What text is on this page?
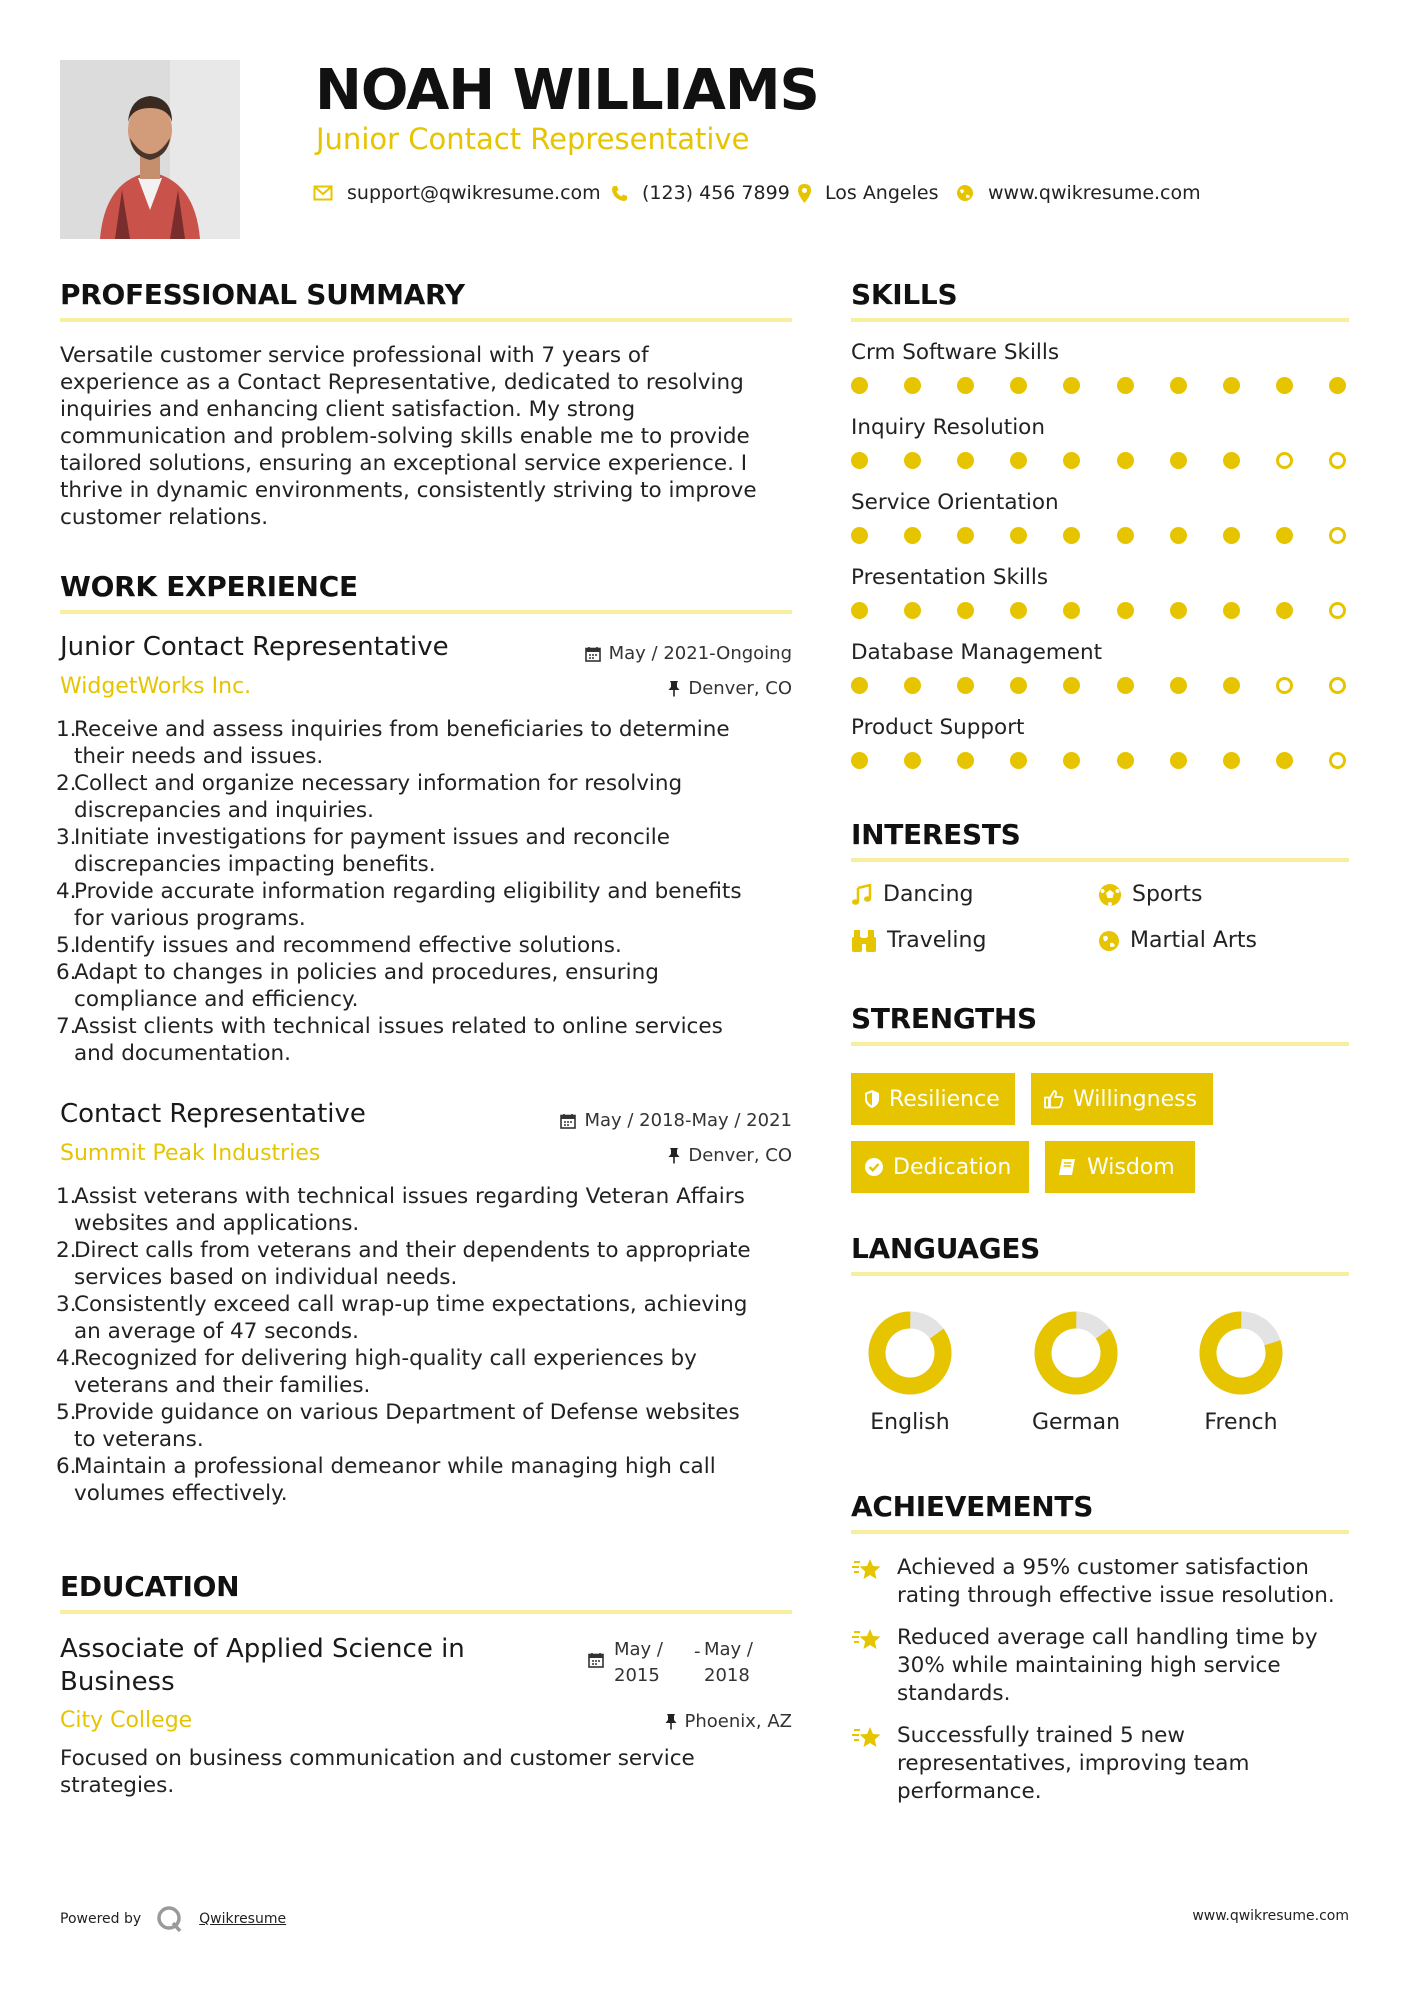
NOAH WILLIAMS
Junior Contact Representative
support@qwikresume.com (123) 456 7899 Los Angeles	www.qwikresume.com
PROFESSIONAL SUMMARY
Versatile customer service professional with 7 years of
experience as a Contact Representative, dedicated to resolving
inquiries and enhancing client satisfaction. My strong
communication and problem-solving skills enable me to provide
tailored solutions, ensuring an exceptional service experience. I
thrive in dynamic environments, consistently striving to improve
customer relations.
WORK EXPERIENCE
Junior Contact Representative	May / 2021-Ongoing
WidgetWorks Inc.	Denver, CO
1.
Receive and assess inquiries from beneficiaries to determine
their needs and issues.
2.
Collect and organize necessary information for resolving
discrepancies and inquiries.
3.
Initiate investigations for payment issues and reconcile
discrepancies impacting benefits.
4.
Provide accurate information regarding eligibility and benefits
for various programs.
5.
Identify issues and recommend effective solutions.
6.
Adapt to changes in policies and procedures, ensuring
compliance and efficiency.
7.
Assist clients with technical issues related to online services
and documentation.
Contact Representative	May / 2018-May / 2021
Summit Peak Industries	Denver, CO
1.
Assist veterans with technical issues regarding Veteran Affairs
websites and applications.
2.
Direct calls from veterans and their dependents to appropriate
services based on individual needs.
3.
Consistently exceed call wrap-up time expectations, achieving
an average of 47 seconds.
4.
Recognized for delivering high-quality call experiences by
veterans and their families.
5.
Provide guidance on various Department of Defense websites
to veterans.
6.
Maintain a professional demeanor while managing high call
volumes effectively.
EDUCATION
Associate of Applied Science in
Business
May /
2015
- May /
2018
City College	Phoenix, AZ
Focused on business communication and customer service
strategies.
SKILLS
Crm Software Skills
Inquiry Resolution
Service Orientation
Presentation Skills
Database Management
Product Support
INTERESTS
Dancing	Sports
Traveling	Martial Arts
STRENGTHS
Resilience	Willingness
Dedication	Wisdom
LANGUAGES
English	German	French
ACHIEVEMENTS
Achieved a 95% customer satisfaction
rating through effective issue resolution.
Reduced average call handling time by
30% while maintaining high service
standards.
Successfully trained 5 new
representatives, improving team
performance.
Powered by	Qwikresume	www.qwikresume.com
